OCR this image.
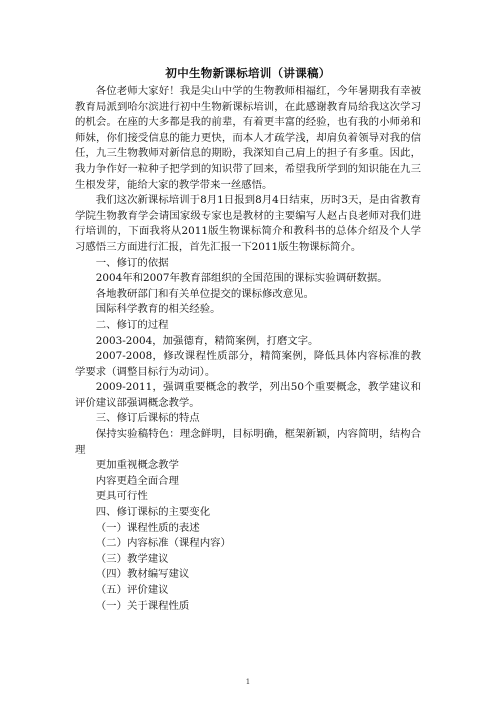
初中生物新课标培训（讲课稿）

各位老师大家好！我是尖山中学的生物教师相福红，今年暑期我有幸被教育局派到哈尔滨进行初中生物新课标培训，在此感谢教育局给我这次学习的机会。在座的大多都是我的前辈，有着更丰富的经验，也有我的小师弟和师妹，你们接受信息的能力更快，而本人才疏学浅，却肩负着领导对我的信任，九三生物教师对新信息的期盼，我深知自己肩上的担子有多重。因此，我力争作好一粒种子把学到的知识带了回来，希望我所学到的知识能在九三生根发芽，能给大家的教学带来一丝感悟。

我们这次新课标培训于8月1日报到8月4日结束，历时3天，是由省教育学院生物教育学会请国家级专家也是教材的主要编写人赵占良老师对我们进行培训的，下面我将从2011版生物课标简介和教科书的总体介绍及个人学习感悟三方面进行汇报，首先汇报一下2011版生物课标简介。

一、修订的依据

2004年和2007年教育部组织的全国范围的课标实验调研数据。

各地教研部门和有关单位提交的课标修改意见。

国际科学教育的相关经验。

二、修订的过程

2003-2004，加强德育，精简案例，打磨文字。

2007-2008，修改课程性质部分，精简案例，降低具体内容标准的教学要求（调整目标行为动词）。

2009-2011，强调重要概念的教学，列出50个重要概念，教学建议和评价建议部强调概念教学。

三、修订后课标的特点

保持实验稿特色：理念鲜明，目标明确，框架新颖，内容简明，结构合理

更加重视概念教学

内容更趋全面合理

更具可行性

四、修订课标的主要变化

（一）课程性质的表述

（二）内容标准（课程内容）

（三）教学建议

（四）教材编写建议

（五）评价建议

（一）关于课程性质

1
